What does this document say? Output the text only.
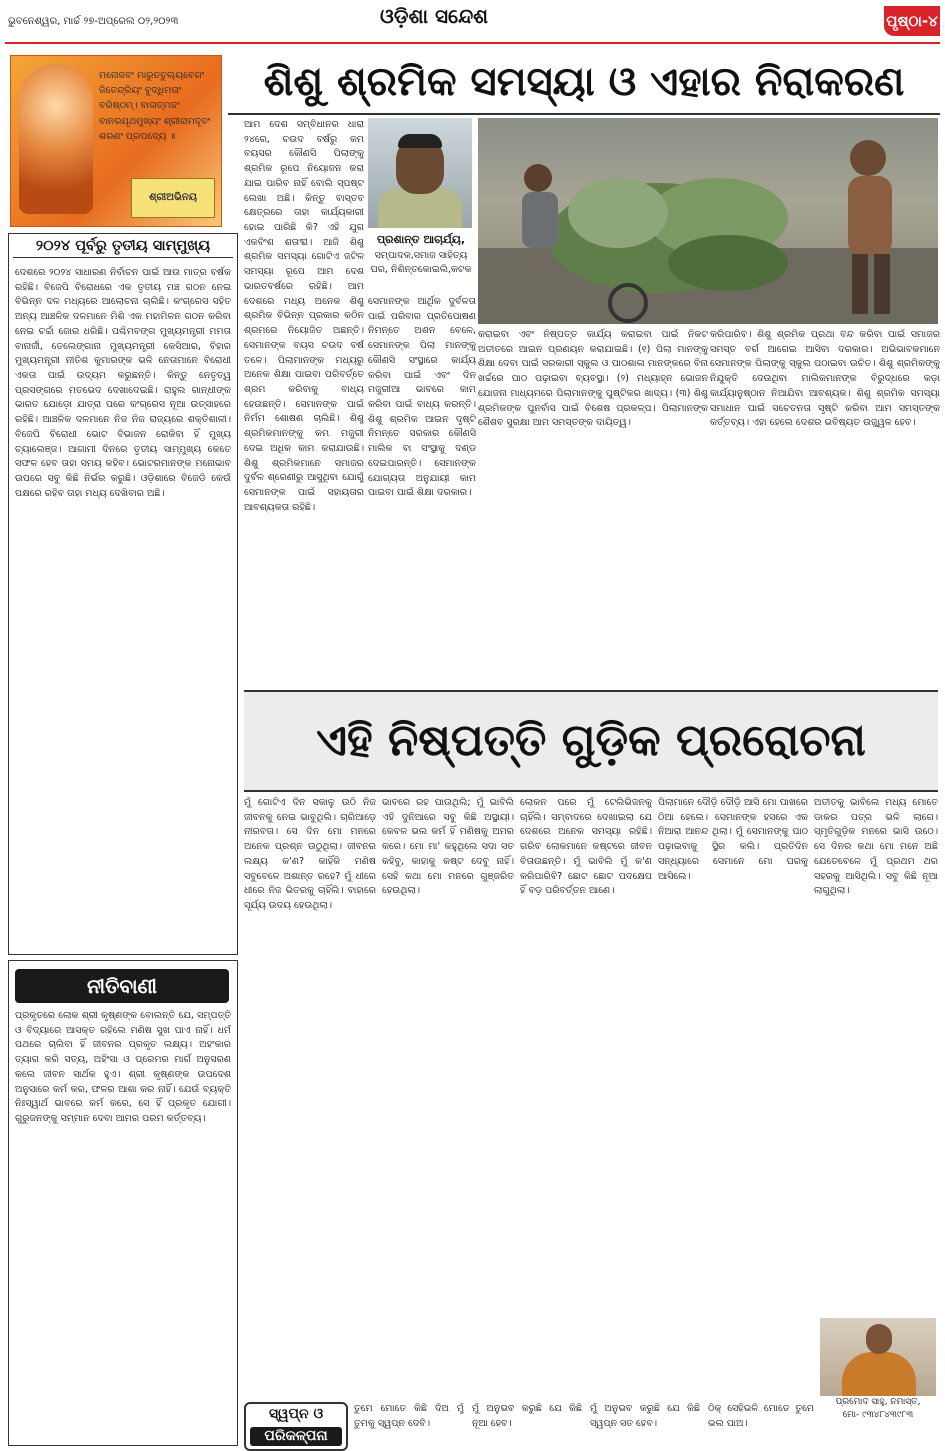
ଭୁବନେଶ୍ୱର, ମାର୍ଚ୍ଚ ୨୭-ଅପ୍ରେଲ ୦୨,୨୦୨୩	ଓଡ଼ିଶା ସନ୍ଦେଶ	ପୃଷ୍ଠା-୪
ମନୋଜବଂ ମାରୁତତୁଲ୍ୟବେଗଂ ଜିତେନ୍ଦ୍ରିୟଂ ବୁଦ୍ଧିମତାଂ ବରିଷ୍ଠମ୍। ବାତାତ୍ମଜଂ ବାନରଯୂଥମୁଖ୍ୟଂ ଶ୍ରୀରାମଦୂତଂ ଶରଣଂ ପ୍ରପଦ୍ୟେ ॥
ଶ୍ରୀଅଭିନୟ
ଶିଶୁ ଶ୍ରମିକ ସମସ୍ୟା ଓ ଏହାର ନିରାକରଣ
୨୦୨୪ ପୂର୍ବରୁ ତୃତୀୟ ସାମ୍ମୁଖ୍ୟ
ଦେଶରେ ୨୦୨୪ ସାଧାରଣ ନିର୍ବାଚନ ପାଇଁ ଆଉ ମାତ୍ର ବର୍ଷକ ରହିଛି। ବିଜେପି ବିରୋଧରେ ଏକ ତୃତୀୟ ମଞ୍ଚ ଗଠନ ନେଇ ବିଭିନ୍ନ ଦଳ ମଧ୍ୟରେ ଆଲୋଚନା ଚାଲିଛି। କଂଗ୍ରେସ ସହିତ ଅନ୍ୟ ଆଞ୍ଚଳିକ ଦଳମାନେ ମିଶି ଏକ ମହାମିଳନ ଗଠନ କରିବା ନେଇ ଚର୍ଚ୍ଚା ଜୋର ଧରିଛି। ପଶ୍ଚିମବଙ୍ଗ ମୁଖ୍ୟମନ୍ତ୍ରୀ ମମତା ବାନାର୍ଜୀ, ତେଲେଙ୍ଗାନା ମୁଖ୍ୟମନ୍ତ୍ରୀ କେସିଆର, ବିହାର ମୁଖ୍ୟମନ୍ତ୍ରୀ ନୀତିଶ କୁମାରଙ୍କ ଭଳି ନେତାମାନେ ବିରୋଧୀ ଏକତା ପାଇଁ ଉଦ୍ୟମ କରୁଛନ୍ତି। କିନ୍ତୁ ନେତୃତ୍ୱ ପ୍ରସଙ୍ଗରେ ମତଭେଦ ଦେଖାଦେଇଛି। ରାହୁଲ ଗାନ୍ଧୀଙ୍କ ଭାରତ ଯୋଡ଼ୋ ଯାତ୍ରା ପରେ କଂଗ୍ରେସ ନୂଆ ଉତ୍ସାହରେ ରହିଛି। ଆଞ୍ଚଳିକ ଦଳମାନେ ନିଜ ନିଜ ରାଜ୍ୟରେ ଶକ୍ତିଶାଳୀ। ବିଜେପି ବିରୋଧୀ ଭୋଟ ବିଭାଜନ ରୋକିବା ହିଁ ମୁଖ୍ୟ ଚ୍ୟାଲେଞ୍ଜ। ଆଗାମୀ ଦିନରେ ତୃତୀୟ ସାମ୍ମୁଖ୍ୟ କେତେ ସଫଳ ହେବ ତାହା ସମୟ କହିବ। ଭୋଟରମାନଙ୍କ ମନୋଭାବ ଉପରେ ସବୁ କିଛି ନିର୍ଭର କରୁଛି। ଓଡ଼ିଶାରେ ବିଜେଡି କେଉଁ ପକ୍ଷରେ ରହିବ ତାହା ମଧ୍ୟ ଦେଖିବାର ଅଛି।
ନୀତିବାଣୀ
ପ୍ରକୃତରେ ଲୋକ ଶ୍ରୀ କୃଷ୍ଣଙ୍କ ବୋଲନ୍ତି ଯେ, ସମ୍ପତ୍ତି ଓ ବିଦ୍ୟାରେ ଆସକ୍ତ ରହିଲେ ମଣିଷ ସୁଖ ପାଏ ନାହିଁ। ଧର୍ମ ପଥରେ ଚାଲିବା ହିଁ ଜୀବନର ପ୍ରକୃତ ଲକ୍ଷ୍ୟ। ଅହଂକାର ତ୍ୟାଗ କରି ସତ୍ୟ, ଅହିଂସା ଓ ପ୍ରେମର ମାର୍ଗ ଅନୁସରଣ କଲେ ଜୀବନ ସାର୍ଥକ ହୁଏ। ଶ୍ରୀ କୃଷ୍ଣଙ୍କ ଉପଦେଶ ଅନୁସାରେ କର୍ମ କର, ଫଳର ଆଶା କର ନାହିଁ। ଯେଉଁ ବ୍ୟକ୍ତି ନିଃସ୍ୱାର୍ଥ ଭାବରେ କର୍ମ କରେ, ସେ ହିଁ ପ୍ରକୃତ ଯୋଗୀ। ଗୁରୁଜନଙ୍କୁ ସମ୍ମାନ ଦେବା ଆମର ପରମ କର୍ତ୍ତବ୍ୟ।
ଆମ ଦେଶ ସମ୍ବିଧାନର ଧାରା ୨୪ରେ, ଚଉଦ ବର୍ଷରୁ କମ ବୟସର କୌଣସି ପିଲାଙ୍କୁ ଶ୍ରମିକ ରୂପେ ନିୟୋଜନ କରା ଯାଇ ପାରିବ ନାହିଁ ବୋଲି ସ୍ପଷ୍ଟ ଲେଖା ଅଛି। କିନ୍ତୁ ବାସ୍ତବ କ୍ଷେତ୍ରରେ ତାହା କାର୍ଯ୍ୟକାରୀ ହୋଇ ପାରିଛି କି? ଏହି ଯୁଗ ଏକବିଂଶ ଶତାବ୍ଦୀ। ଆଜି ଶିଶୁ ଶ୍ରମିକ ସମସ୍ୟା ଗୋଟିଏ ଜଟିଳ ସମସ୍ୟା ରୂପେ ଆମ ଦେଶ ଭାରତବର୍ଷରେ ରହିଛି। ଆମ ଦେଶରେ ମଧ୍ୟ ଅନେକ ଶିଶୁ ଶ୍ରମିକ ବିଭିନ୍ନ ପ୍ରକାର କଠିନ ଶ୍ରମରେ ନିୟୋଜିତ ଅଛନ୍ତି। ସେମାନଙ୍କ ବୟସ ଚଉଦ ବର୍ଷ ତଳେ। ପିଲାମାନଙ୍କ ମଧ୍ୟରୁ ଅନେକ ଶିକ୍ଷା ପାଇବା ପରିବର୍ତ୍ତେ ଶ୍ରମ କରିବାକୁ ବାଧ୍ୟ ହେଉଛନ୍ତି। ସେମାନଙ୍କ ପାଇଁ ନିର୍ମମ ଶୋଷଣ ଚାଲିଛି। ଶିଶୁ ଶ୍ରମିକମାନଙ୍କୁ କମ ମଜୁରୀ ଦେଇ ଅଧିକ କାମ କରାଯାଉଛି। ଶିଶୁ ଶ୍ରମିକମାନେ ସମାଜର ଦୁର୍ବଳ ଶ୍ରେଣୀରୁ ଆସୁଥିବା ଯୋଗୁଁ ସେମାନଙ୍କ ପାଇଁ ସହାୟତାର ଆବଶ୍ୟକତା ରହିଛି।
ପ୍ରଶାନ୍ତ ଆଚାର୍ଯ୍ୟ,
ସମ୍ପାଦକ,ସମାଜ ସାହିତ୍ୟ ଘର, ନିଶିନ୍ତକୋଇଲି,କଟକ
ସେମାନଙ୍କ ଆର୍ଥିକ ଦୁର୍ବଳତା ପାଇଁ ପରିବାର ପ୍ରତିପୋଷଣ ନିମନ୍ତେ ଅଶନ ବେଳେ, ସେମାନଙ୍କ ପିଲା ମାନଙ୍କୁ କୌଣସି ସଂସ୍ଥାରେ କାର୍ଯ୍ୟ କରିବା ପାଇଁ ଏବଂ ଦିନ ମଜୁରୀଆ ଭାବରେ କାମ କରିବା ପାଇଁ ବାଧ୍ୟ କରନ୍ତି। ଶିଶୁ ଶ୍ରମିକ ଆଇନ ଦୃଷ୍ଟି ନିମନ୍ତେ ସରକାର କୌଣସି ମାଲିକ ବା ସଂସ୍ଥାକୁ ଦଣ୍ଡ ଦେଇପାରନ୍ତି। ସେମାନଙ୍କ ଯୋଗ୍ୟତା ଅନୁଯାୟୀ କାମ ପାଇବା ପାଇଁ ଶିକ୍ଷା ଦରକାର।
କରାଇବା ଏବଂ ନିଷ୍ପତ୍ତ କାର୍ଯ୍ୟ କରାଇବା ପାଇଁ ନିକଟ ଅତୀତରେ ଆଇନ ପ୍ରଣୟନ କରାଯାଇଛି। (୧) ପିଲା ମାନଙ୍କୁ ଶିକ୍ଷା ଦେବା ପାଇଁ ସରକାରୀ ସ୍କୁଲ ଓ ପାଠଶାଳା ମାନଙ୍କରେ ବିନା ଖର୍ଚ୍ଚରେ ପାଠ ପଢ଼ାଇବା ବ୍ୟବସ୍ଥା। (୨) ମଧ୍ୟାହ୍ନ ଭୋଜନ ଯୋଜନା ମାଧ୍ୟମରେ ପିଲାମାନଙ୍କୁ ପୁଷ୍ଟିକର ଖାଦ୍ୟ। (୩) ଶିଶୁ ଶ୍ରମିକଙ୍କ ପୁନର୍ବାସ ପାଇଁ ବିଶେଷ ପ୍ରକଳ୍ପ। ପିଲାମାନଙ୍କ ଶୈଶବ ସୁରକ୍ଷା ଆମ ସମସ୍ତଙ୍କ ଦାୟିତ୍ୱ।
କରିପାରିବ। ଶିଶୁ ଶ୍ରମିକ ପ୍ରଥା ବନ୍ଦ କରିବା ପାଇଁ ସମାଜର ସମସ୍ତ ବର୍ଗ ଆଗେଇ ଆସିବା ଦରକାର। ଅଭିଭାବକମାନେ ସେମାନଙ୍କ ପିଲାଙ୍କୁ ସ୍କୁଲ ପଠାଇବା ଉଚିତ। ଶିଶୁ ଶ୍ରମିକଙ୍କୁ ନିଯୁକ୍ତି ଦେଉଥିବା ମାଲିକମାନଙ୍କ ବିରୁଦ୍ଧରେ କଡ଼ା କାର୍ଯ୍ୟାନୁଷ୍ଠାନ ନିଆଯିବା ଆବଶ୍ୟକ। ଶିଶୁ ଶ୍ରମିକ ସମସ୍ୟା ସମାଧାନ ପାଇଁ ସଚେତନତା ସୃଷ୍ଟି କରିବା ଆମ ସମସ୍ତଙ୍କ କର୍ତ୍ତବ୍ୟ। ଏହା ହେଲେ ଦେଶର ଭବିଷ୍ୟତ ଉଜ୍ଜ୍ୱଳ ହେବ।
ଏହି ନିଷ୍ପତ୍ତି ଗୁଡ଼ିକ ପ୍ରରୋଚନା
ମୁଁ ଗୋଟିଏ ଦିନ ସକାଳୁ ଉଠି ନିଜ ଜୀବନକୁ ନେଇ ଭାବୁଥିଲି। ଚାରିଆଡ଼େ ନୀରବତା। ସେ ଦିନ ମୋ ମନରେ ଅନେକ ପ୍ରଶ୍ନ ଉଠୁଥିଲା। ଜୀବନର ଲକ୍ଷ୍ୟ କ'ଣ? କାହିଁକି ମଣିଷ ସବୁବେଳେ ଅଶାନ୍ତ ରହେ? ମୁଁ ଧୀରେ ଧୀରେ ନିଜ ଭିତରକୁ ଚାହିଁଲି। ବାହାରେ ସୂର୍ଯ୍ୟ ଉଦୟ ହେଉଥିଲା।
ଭାବରେ ରହ ପାଉଥିଲି; ମୁଁ ଭାବିଲି ଏହି ଦୁନିଆରେ ସବୁ କିଛି ଅସ୍ଥାୟୀ। କେବଳ ଭଲ କର୍ମ ହିଁ ମଣିଷକୁ ଅମର କରେ। ମୋ ମା' କହୁଥିଲେ ସଦା ସତ କହିବୁ, କାହାକୁ କଷ୍ଟ ଦେବୁ ନାହିଁ। ସେହି କଥା ମୋ ମନରେ ଗୁଞ୍ଜରିତ ହେଉଥିଲା।
ଲୋକନ ପରେ ମୁଁ ଟେଲିଭିଜନକୁ ଚାହିଁଲି। ସମ୍ବାଦରେ ଦେଖାଇଲା ଯେ ଦେଶରେ ଅନେକ ସମସ୍ୟା ରହିଛି। ଗରିବ ଲୋକମାନେ କଷ୍ଟରେ ଜୀବନ ବିତାଉଛନ୍ତି। ମୁଁ ଭାବିଲି ମୁଁ କ'ଣ କରିପାରିବି? ଛୋଟ ଛୋଟ ପଦକ୍ଷେପ ହିଁ ବଡ଼ ପରିବର୍ତ୍ତନ ଆଣେ।
ପିଲାମାନେ ଦୌଡ଼ି ଦୌଡ଼ି ଆସି ମୋ ପାଖରେ ଠିଆ ହେଲେ। ସେମାନଙ୍କ ହସରେ ଏକ ନିଆରା ଆନନ୍ଦ ଥିଲା। ମୁଁ ସେମାନଙ୍କୁ ପାଠ ପଢ଼ାଇବାକୁ ସ୍ଥିର କଲି। ପ୍ରତିଦିନ ସନ୍ଧ୍ୟାରେ ସେମାନେ ମୋ ଘରକୁ ଆସିଲେ।
ଅତୀତକୁ ଭାବିଲେ ମଧ୍ୟ ମୋତେ ଡାକର ପତ୍ର ଭଳି ଲାଗେ। ସ୍ମୃତିଗୁଡ଼ିକ ମନରେ ଭାସି ଉଠେ। ସେ ଦିନର କଥା ମୋ ମନେ ଅଛି ଯେତେବେଳେ ମୁଁ ପ୍ରଥମ ଥର ସହରକୁ ଆସିଥିଲି। ସବୁ କିଛି ନୂଆ ଲାଗୁଥିଲା।
ପ୍ରମୋଦ ସାହୁ, ନମାସ୍ତ,
ମୋ- ୯୩୪୮୪୩୯୮୩
ସ୍ୱପ୍ନ ଓ
ପରିକଳ୍ପନା
ତୁମେ ମୋତେ କିଛି ଦିଅ ମୁଁ ତୁମକୁ ସ୍ୱପ୍ନ ଦେବି।
ମୁଁ ଅନୁଭବ କରୁଛି ଯେ କିଛି ନୂଆ ହେବ।
ମୁଁ ଅନୁଭବ କରୁଛି ଯେ କିଛି ସ୍ୱପ୍ନ ସତ ହେବ।
ଠିକ୍ ସେହିଭଳି ମୋତେ ତୁମେ ଭଲ ପାଅ।
